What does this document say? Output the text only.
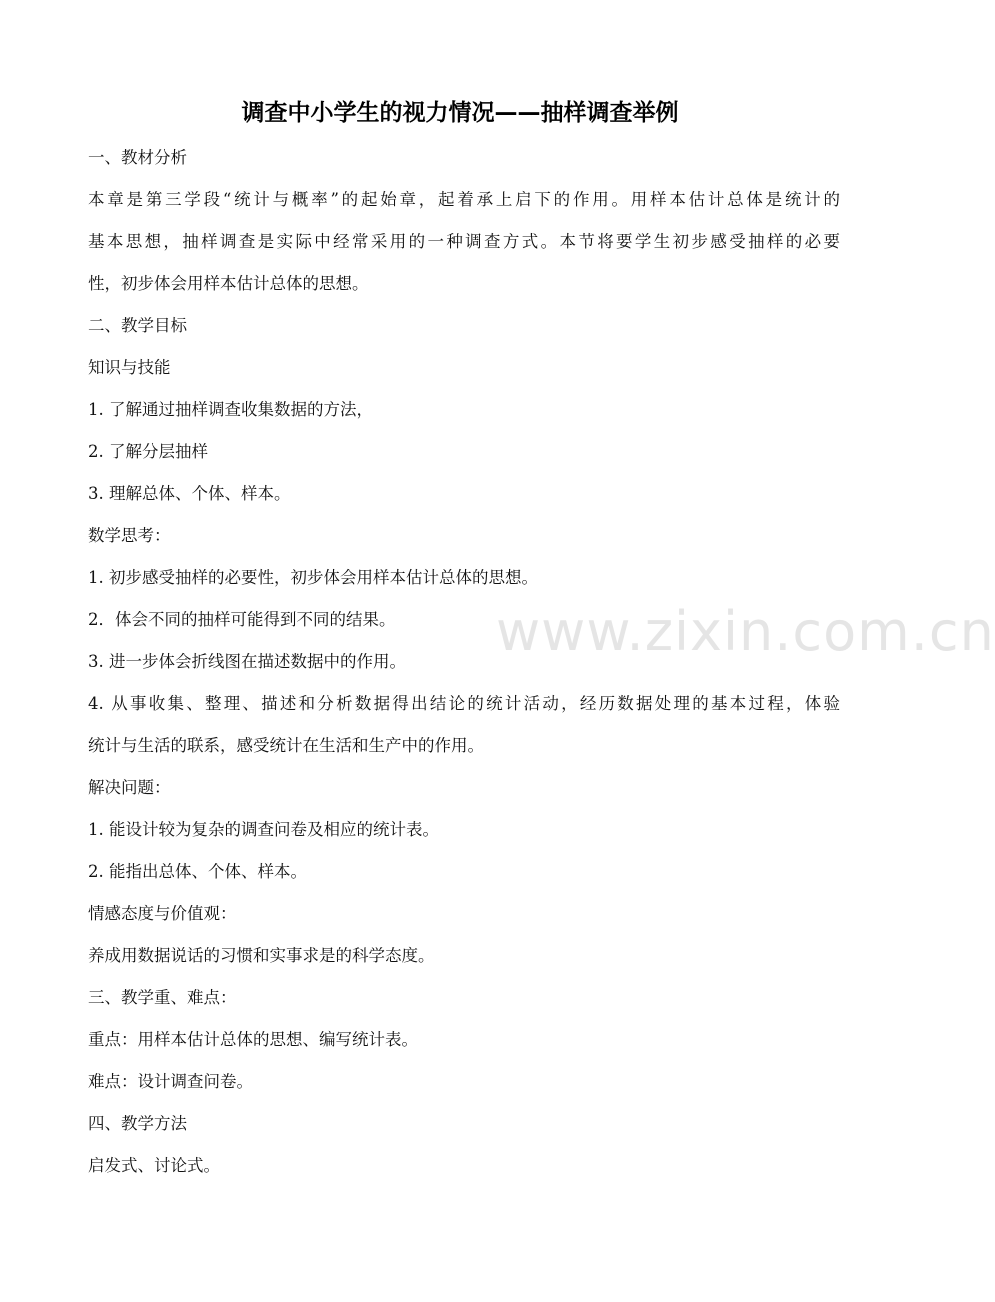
调查中小学生的视力情况——抽样调查举例

一、教材分析

本章是第三学段“统计与概率”的起始章，起着承上启下的作用。用样本估计总体是统计的

基本思想，抽样调查是实际中经常采用的一种调查方式。本节将要学生初步感受抽样的必要

性，初步体会用样本估计总体的思想。

二、教学目标

知识与技能

1. 了解通过抽样调查收集数据的方法，

2. 了解分层抽样

3. 理解总体、个体、样本。

数学思考：

1. 初步感受抽样的必要性，初步体会用样本估计总体的思想。

2．体会不同的抽样可能得到不同的结果。

3. 进一步体会折线图在描述数据中的作用。

4. 从事收集、整理、描述和分析数据得出结论的统计活动，经历数据处理的基本过程，体验

统计与生活的联系，感受统计在生活和生产中的作用。

解决问题：

1. 能设计较为复杂的调查问卷及相应的统计表。

2. 能指出总体、个体、样本。

情感态度与价值观：

养成用数据说话的习惯和实事求是的科学态度。

三、教学重、难点：

重点：用样本估计总体的思想、编写统计表。

难点：设计调查问卷。

四、教学方法

启发式、讨论式。

www.zixin.com.cn
